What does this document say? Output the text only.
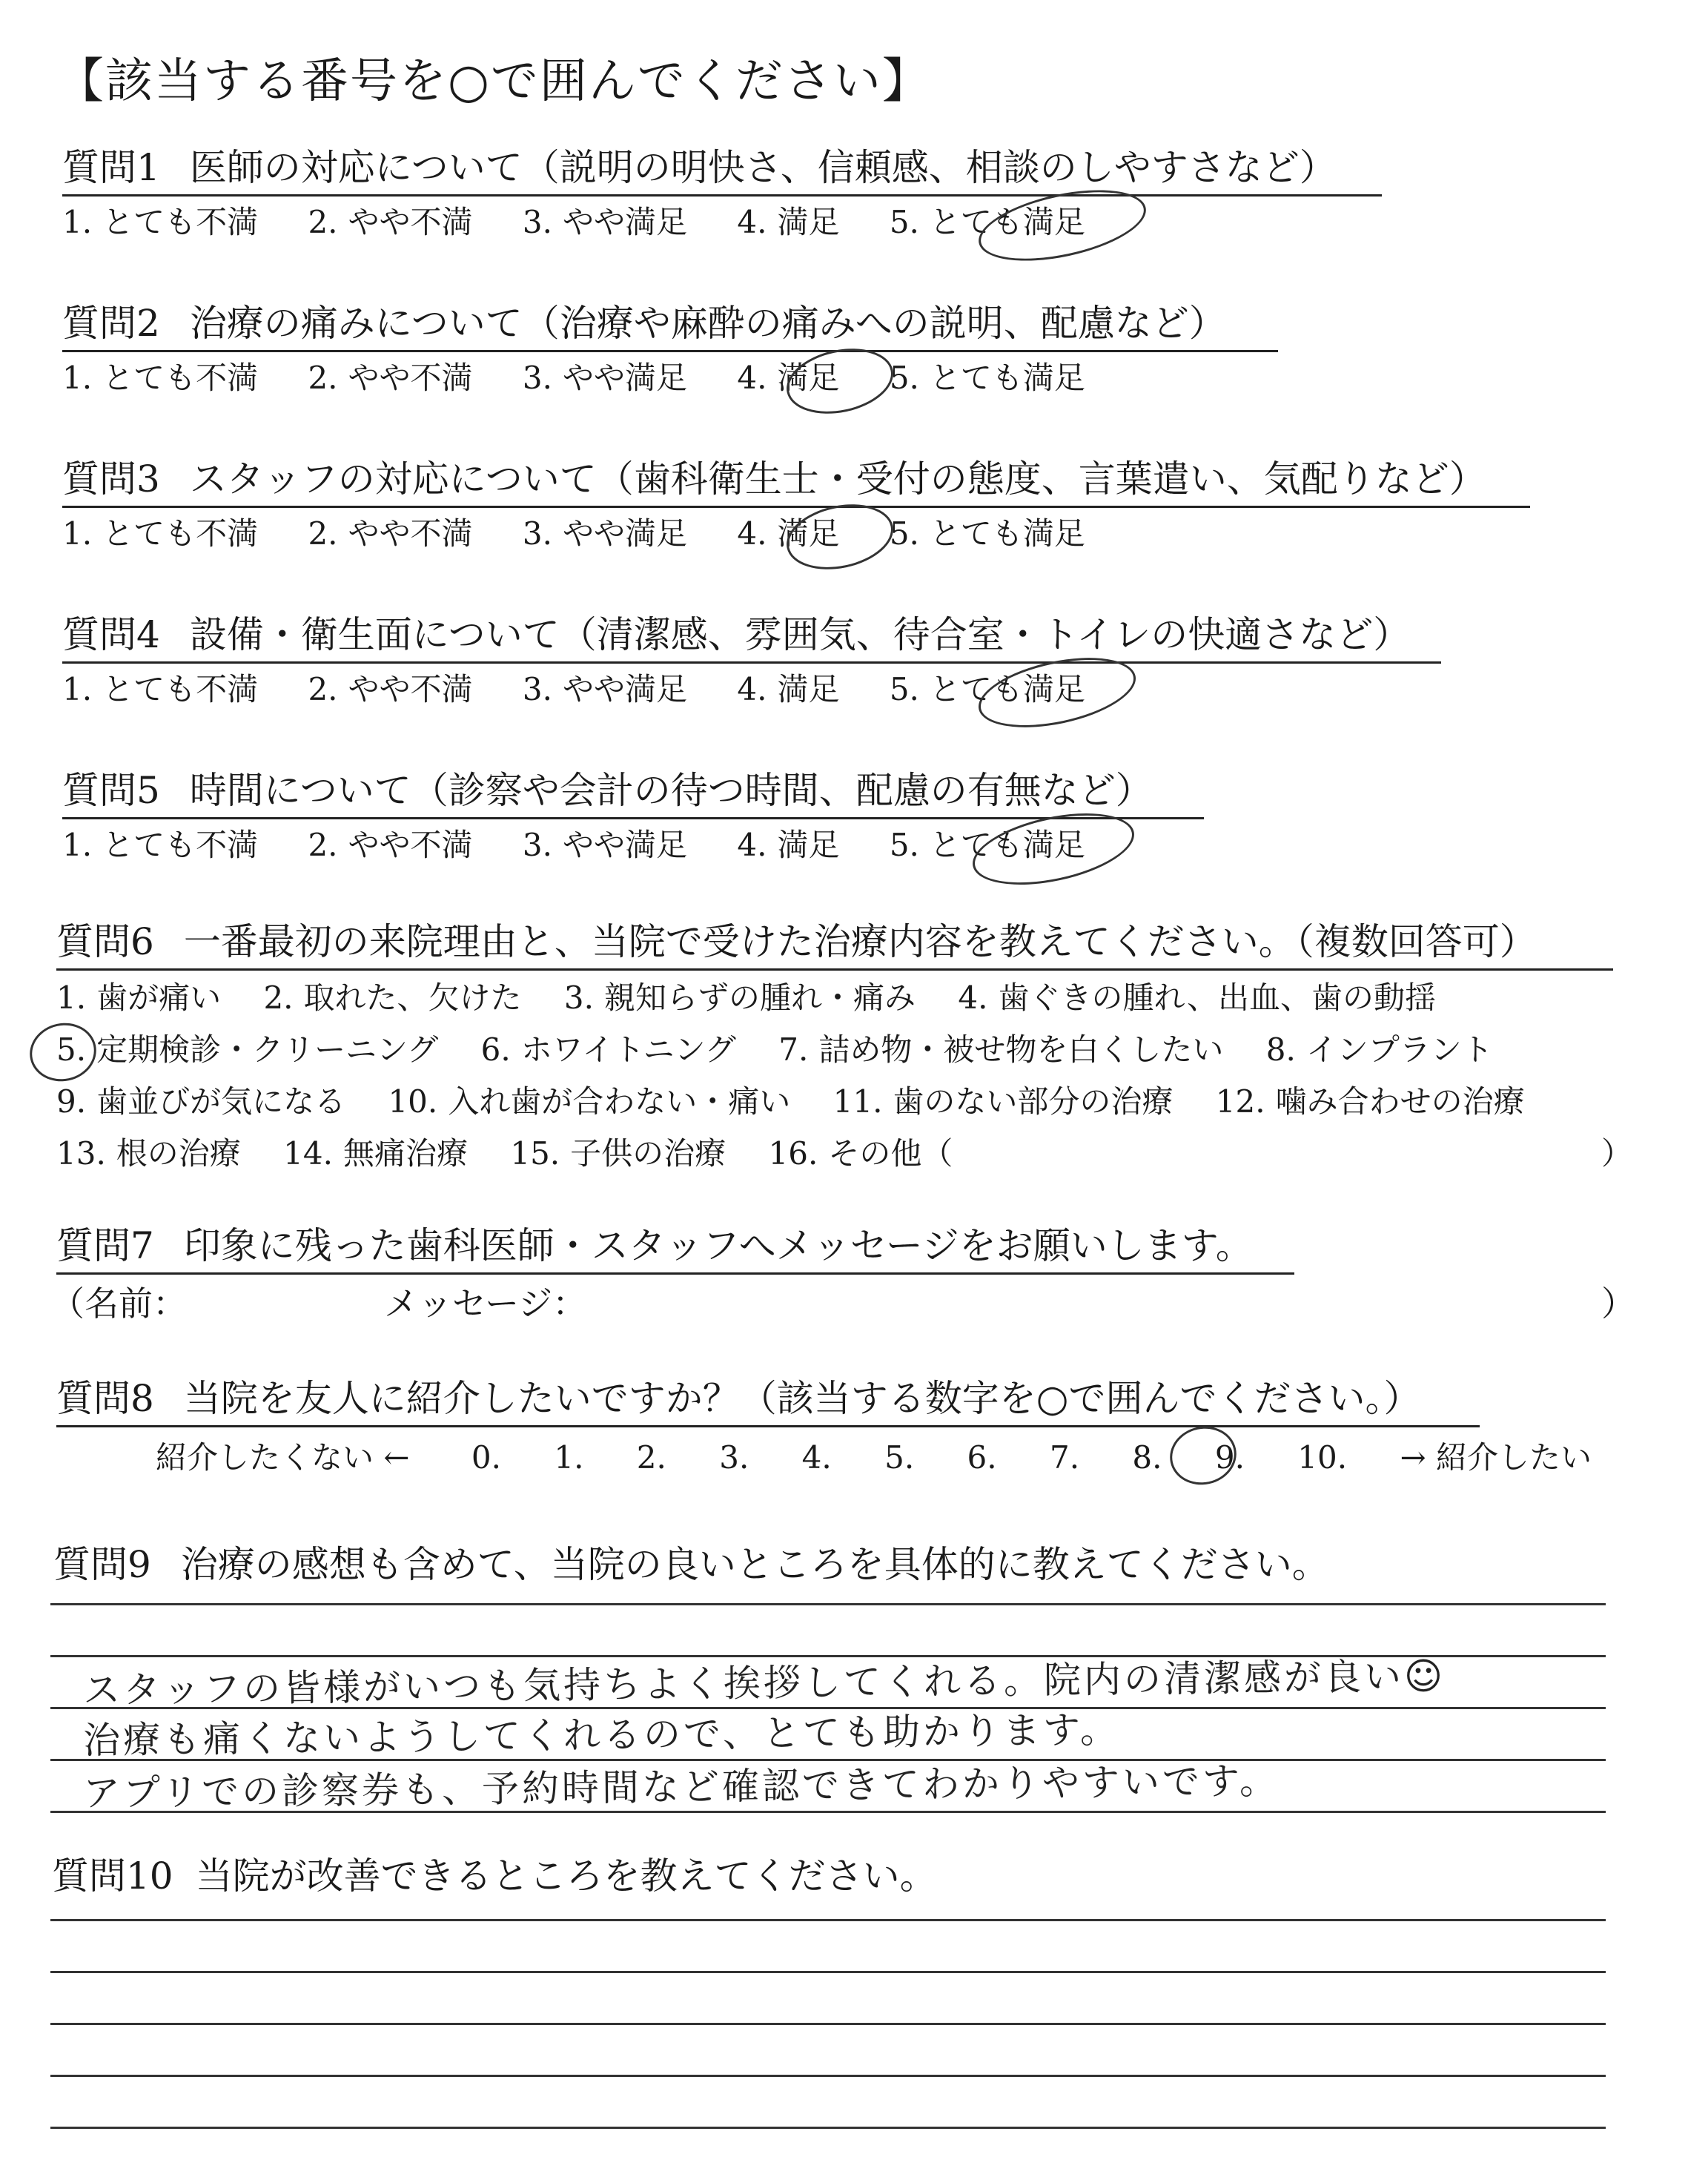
【該当する番号を○で囲んでください】
質問1 医師の対応について（説明の明快さ、信頼感、相談のしやすさなど）
1. とても不満 2. やや不満 3. やや満足 4. 満足 5. とても満足
質問2 治療の痛みについて（治療や麻酔の痛みへの説明、配慮など）
1. とても不満 2. やや不満 3. やや満足 4. 満足 5. とても満足
質問3 スタッフの対応について（歯科衛生士・受付の態度、言葉遣い、気配りなど）
1. とても不満 2. やや不満 3. やや満足 4. 満足 5. とても満足
質問4 設備・衛生面について（清潔感、雰囲気、待合室・トイレの快適さなど）
1. とても不満 2. やや不満 3. やや満足 4. 満足 5. とても満足
質問5 時間について（診察や会計の待つ時間、配慮の有無など）
1. とても不満 2. やや不満 3. やや満足 4. 満足 5. とても満足
質問6 一番最初の来院理由と、当院で受けた治療内容を教えてください。（複数回答可）
1. 歯が痛い 2. 取れた、欠けた 3. 親知らずの腫れ・痛み 4. 歯ぐきの腫れ、出血、歯の動揺
5. 定期検診・クリーニング 6. ホワイトニング 7. 詰め物・被せ物を白くしたい 8. インプラント
9. 歯並びが気になる 10. 入れ歯が合わない・痛い 11. 歯のない部分の治療 12. 噛み合わせの治療
13. 根の治療 14. 無痛治療 15. 子供の治療 16. その他（	）
質問7 印象に残った歯科医師・スタッフへメッセージをお願いします。
（名前：	メッセージ：	）
質問8 当院を友人に紹介したいですか？（該当する数字を○で囲んでください。）
紹介したくない ← 0. 1. 2. 3. 4. 5. 6. 7. 8. 9. 10. → 紹介したい
質問9 治療の感想も含めて、当院の良いところを具体的に教えてください。
スタッフの皆様がいつも気持ちよく挨拶してくれる。院内の清潔感が良い☺
治療も痛くないようしてくれるので、とても助かります。
アプリでの診察券も、予約時間など確認できてわかりやすいです。
質問10 当院が改善できるところを教えてください。
